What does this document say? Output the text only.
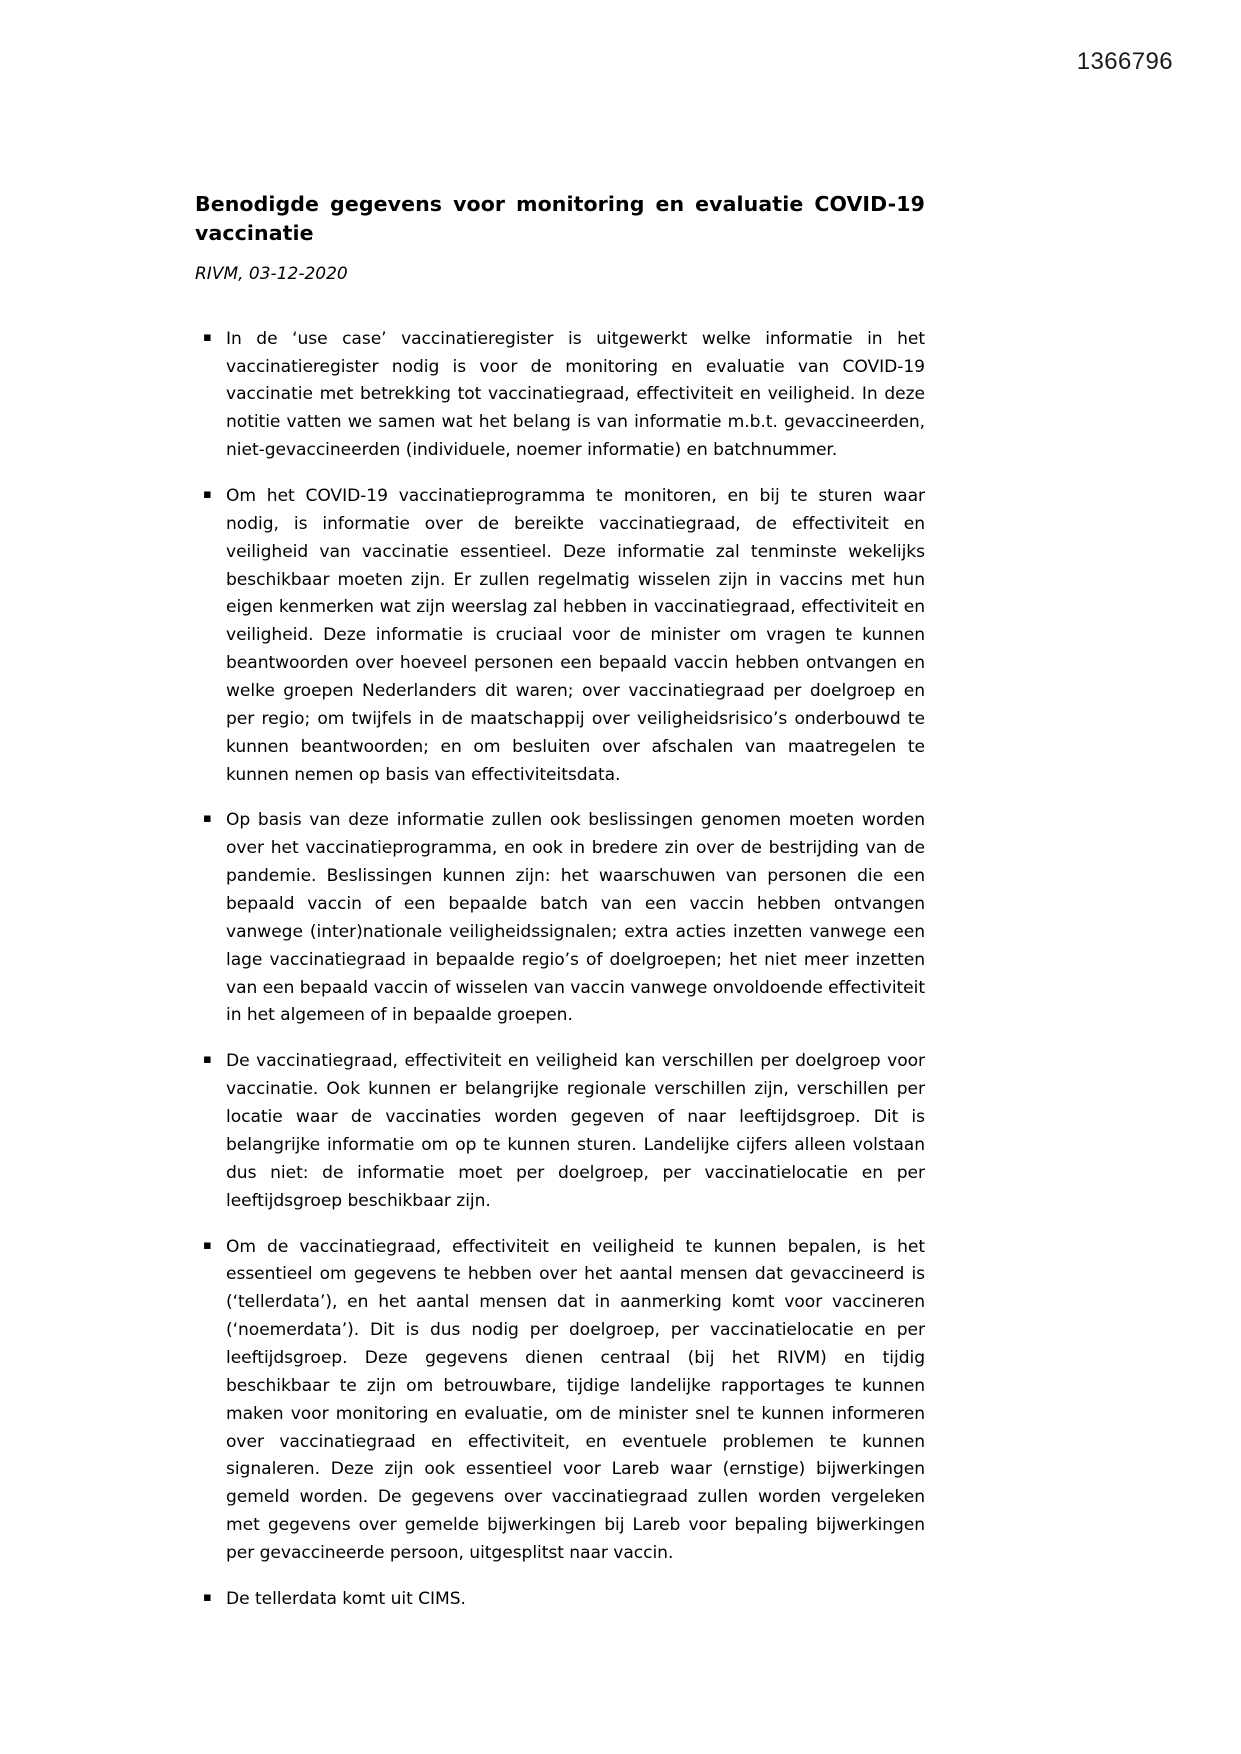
1366796
Benodigde gegevens voor monitoring en evaluatie COVID-19
vaccinatie
RIVM, 03-12-2020
▪ In de ‘use case’ vaccinatieregister is uitgewerkt welke informatie in het vaccinatieregister nodig is voor de monitoring en evaluatie van COVID-19 vaccinatie met betrekking tot vaccinatiegraad, effectiviteit en veiligheid. In deze notitie vatten we samen wat het belang is van informatie m.b.t. gevaccineerden, niet-gevaccineerden (individuele, noemer informatie) en batchnummer.
▪ Om het COVID-19 vaccinatieprogramma te monitoren, en bij te sturen waar nodig, is informatie over de bereikte vaccinatiegraad, de effectiviteit en veiligheid van vaccinatie essentieel. Deze informatie zal tenminste wekelijks beschikbaar moeten zijn. Er zullen regelmatig wisselen zijn in vaccins met hun eigen kenmerken wat zijn weerslag zal hebben in vaccinatiegraad, effectiviteit en veiligheid. Deze informatie is cruciaal voor de minister om vragen te kunnen beantwoorden over hoeveel personen een bepaald vaccin hebben ontvangen en welke groepen Nederlanders dit waren; over vaccinatiegraad per doelgroep en per regio; om twijfels in de maatschappij over veiligheidsrisico’s onderbouwd te kunnen beantwoorden; en om besluiten over afschalen van maatregelen te kunnen nemen op basis van effectiviteitsdata.
▪ Op basis van deze informatie zullen ook beslissingen genomen moeten worden over het vaccinatieprogramma, en ook in bredere zin over de bestrijding van de pandemie. Beslissingen kunnen zijn: het waarschuwen van personen die een bepaald vaccin of een bepaalde batch van een vaccin hebben ontvangen vanwege (inter)nationale veiligheidssignalen; extra acties inzetten vanwege een lage vaccinatiegraad in bepaalde regio’s of doelgroepen; het niet meer inzetten van een bepaald vaccin of wisselen van vaccin vanwege onvoldoende effectiviteit in het algemeen of in bepaalde groepen.
▪ De vaccinatiegraad, effectiviteit en veiligheid kan verschillen per doelgroep voor vaccinatie. Ook kunnen er belangrijke regionale verschillen zijn, verschillen per locatie waar de vaccinaties worden gegeven of naar leeftijdsgroep. Dit is belangrijke informatie om op te kunnen sturen. Landelijke cijfers alleen volstaan dus niet: de informatie moet per doelgroep, per vaccinatielocatie en per leeftijdsgroep beschikbaar zijn.
▪ Om de vaccinatiegraad, effectiviteit en veiligheid te kunnen bepalen, is het essentieel om gegevens te hebben over het aantal mensen dat gevaccineerd is (‘tellerdata’), en het aantal mensen dat in aanmerking komt voor vaccineren (‘noemerdata’). Dit is dus nodig per doelgroep, per vaccinatielocatie en per leeftijdsgroep. Deze gegevens dienen centraal (bij het RIVM) en tijdig beschikbaar te zijn om betrouwbare, tijdige landelijke rapportages te kunnen maken voor monitoring en evaluatie, om de minister snel te kunnen informeren over vaccinatiegraad en effectiviteit, en eventuele problemen te kunnen signaleren. Deze zijn ook essentieel voor Lareb waar (ernstige) bijwerkingen gemeld worden. De gegevens over vaccinatiegraad zullen worden vergeleken met gegevens over gemelde bijwerkingen bij Lareb voor bepaling bijwerkingen per gevaccineerde persoon, uitgesplitst naar vaccin.
▪ De tellerdata komt uit CIMS.
